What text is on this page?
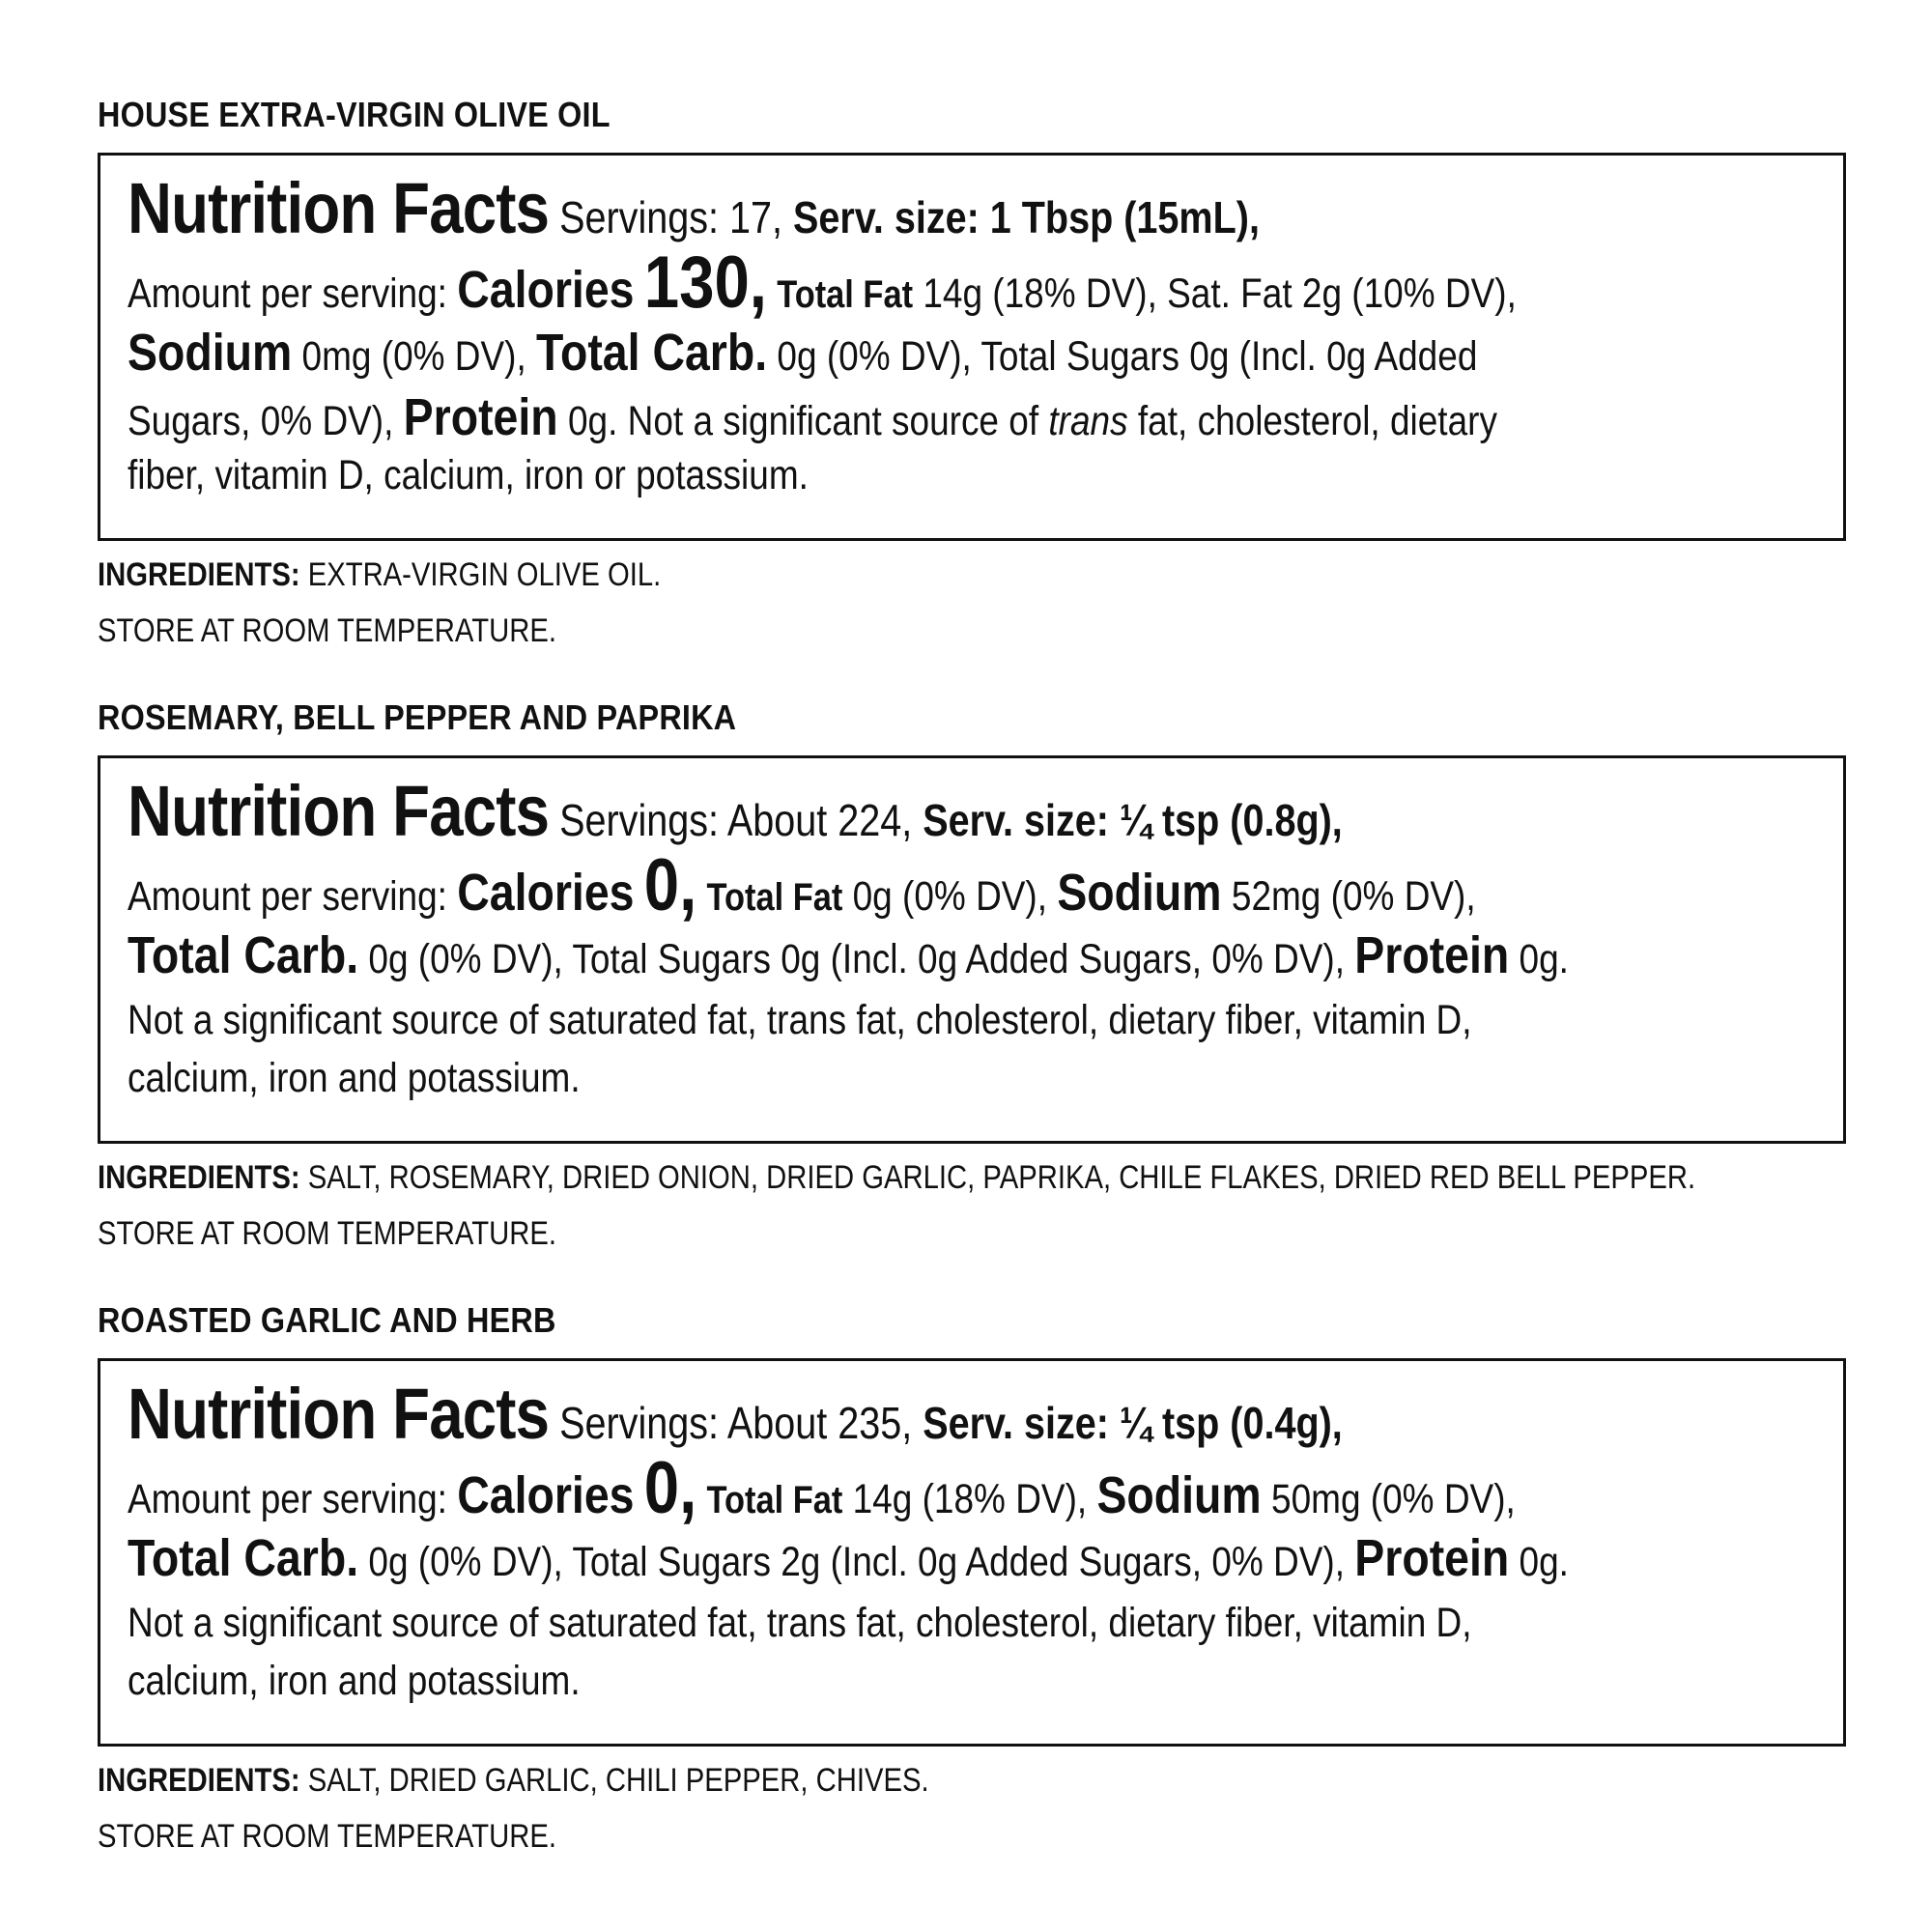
HOUSE EXTRA-VIRGIN OLIVE OIL
Nutrition Facts Servings: 17, Serv. size: 1 Tbsp (15mL),
Amount per serving: Calories 130, Total Fat 14g (18% DV), Sat. Fat 2g (10% DV),
Sodium 0mg (0% DV), Total Carb. 0g (0% DV), Total Sugars 0g (Incl. 0g Added
Sugars, 0% DV), Protein 0g. Not a significant source of trans fat, cholesterol, dietary
fiber, vitamin D, calcium, iron or potassium.
INGREDIENTS: EXTRA-VIRGIN OLIVE OIL.
STORE AT ROOM TEMPERATURE.
ROSEMARY, BELL PEPPER AND PAPRIKA
Nutrition Facts Servings: About 224, Serv. size: ¼ tsp (0.8g),
Amount per serving: Calories 0, Total Fat 0g (0% DV), Sodium 52mg (0% DV),
Total Carb. 0g (0% DV), Total Sugars 0g (Incl. 0g Added Sugars, 0% DV), Protein 0g.
Not a significant source of saturated fat, trans fat, cholesterol, dietary fiber, vitamin D,
calcium, iron and potassium.
INGREDIENTS: SALT, ROSEMARY, DRIED ONION, DRIED GARLIC, PAPRIKA, CHILE FLAKES, DRIED RED BELL PEPPER.
STORE AT ROOM TEMPERATURE.
ROASTED GARLIC AND HERB
Nutrition Facts Servings: About 235, Serv. size: ¼ tsp (0.4g),
Amount per serving: Calories 0, Total Fat 14g (18% DV), Sodium 50mg (0% DV),
Total Carb. 0g (0% DV), Total Sugars 2g (Incl. 0g Added Sugars, 0% DV), Protein 0g.
Not a significant source of saturated fat, trans fat, cholesterol, dietary fiber, vitamin D,
calcium, iron and potassium.
INGREDIENTS: SALT, DRIED GARLIC, CHILI PEPPER, CHIVES.
STORE AT ROOM TEMPERATURE.
